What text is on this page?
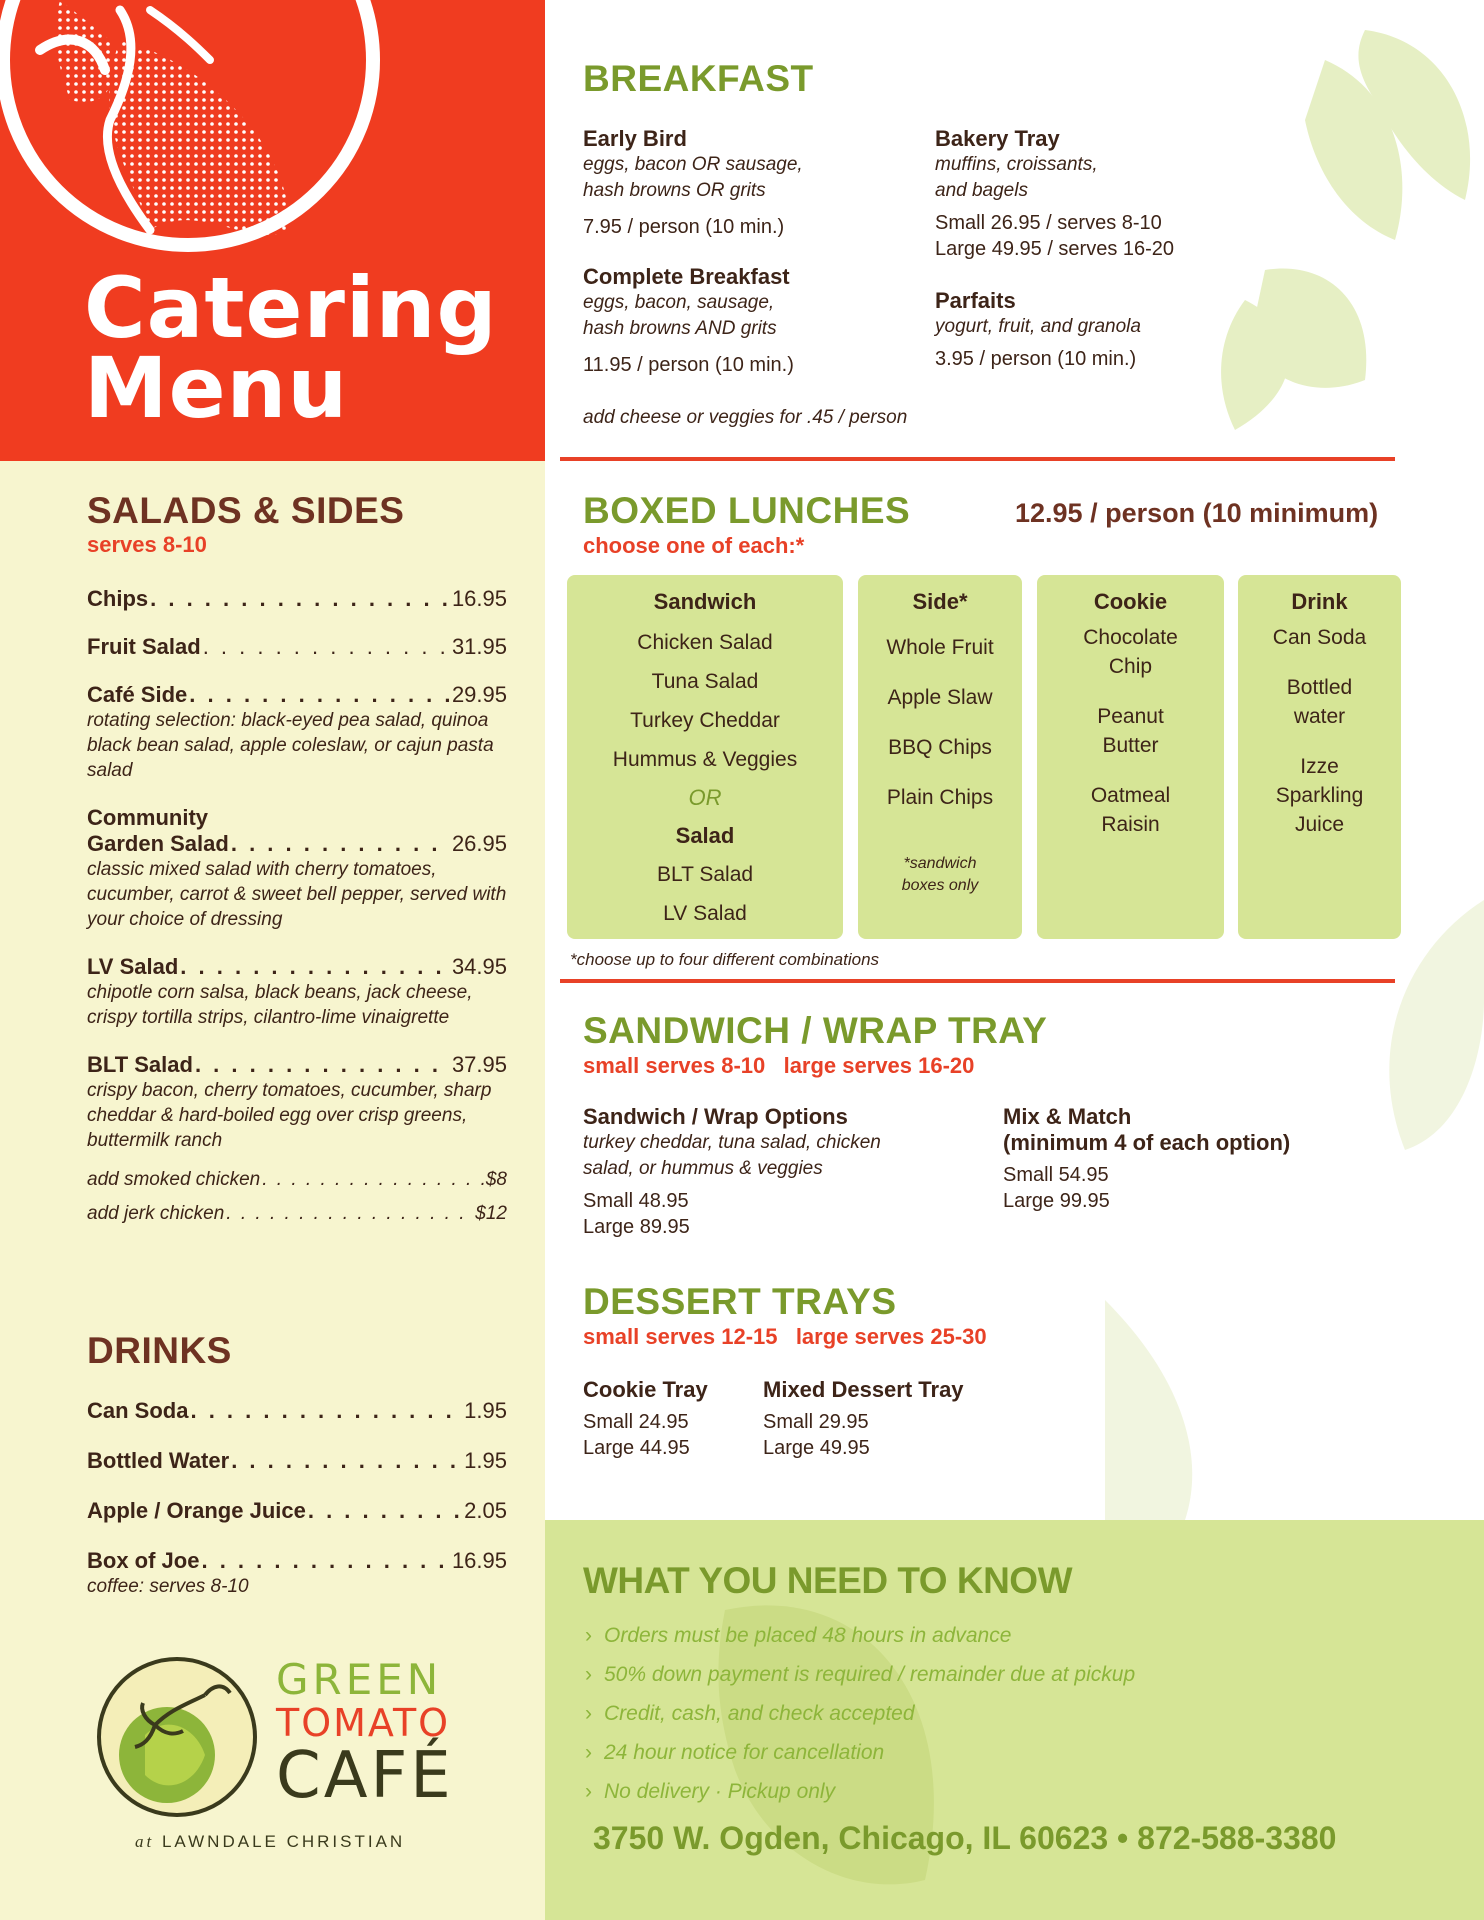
Catering
Menu
SALADS & SIDES
serves 8-10
Chips . . .	16.95
Fruit Salad . . .	31.95
Café Side . . .	29.95
rotating selection: black-eyed pea salad, quinoa black bean salad, apple coleslaw, or cajun pasta salad
Community
Garden Salad . . .	26.95
classic mixed salad with cherry tomatoes, cucumber, carrot & sweet bell pepper, served with your choice of dressing
LV Salad . . .	34.95
chipotle corn salsa, black beans, jack cheese, crispy tortilla strips, cilantro-lime vinaigrette
BLT Salad . . .	37.95
crispy bacon, cherry tomatoes, cucumber, sharp cheddar & hard-boiled egg over crisp greens, buttermilk ranch
add smoked chicken . . .	$8
add jerk chicken . . .	$12
DRINKS
Can Soda . . .	1.95
Bottled Water . . .	1.95
Apple / Orange Juice . . .	2.05
Box of Joe . . .	16.95
coffee: serves 8-10
GREEN
TOMATO
CAFÉ
at LAWNDALE CHRISTIAN
BREAKFAST
Early Bird
eggs, bacon OR sausage,
hash browns OR grits
7.95 / person (10 min.)
Complete Breakfast
eggs, bacon, sausage,
hash browns AND grits
11.95 / person (10 min.)
Bakery Tray
muffins, croissants,
and bagels
Small 26.95 / serves 8-10
Large 49.95 / serves 16-20
Parfaits
yogurt, fruit, and granola
3.95 / person (10 min.)
add cheese or veggies for .45 / person
BOXED LUNCHES
choose one of each:*
12.95 / person (10 minimum)
Sandwich
Chicken Salad
Tuna Salad
Turkey Cheddar
Hummus & Veggies
OR
Salad
BLT Salad
LV Salad
Side*
Whole Fruit
Apple Slaw
BBQ Chips
Plain Chips
*sandwich
boxes only
Cookie
Chocolate
Chip
Peanut
Butter
Oatmeal
Raisin
Drink
Can Soda
Bottled
water
Izze
Sparkling
Juice
*choose up to four different combinations
SANDWICH / WRAP TRAY
small serves 8-10   large serves 16-20
Sandwich / Wrap Options
turkey cheddar, tuna salad, chicken
salad, or hummus & veggies
Small 48.95
Large 89.95
Mix & Match
(minimum 4 of each option)
Small 54.95
Large 99.95
DESSERT TRAYS
small serves 12-15   large serves 25-30
Cookie Tray
Small 24.95
Large 44.95
Mixed Dessert Tray
Small 29.95
Large 49.95
WHAT YOU NEED TO KNOW
› Orders must be placed 48 hours in advance
› 50% down payment is required / remainder due at pickup
› Credit, cash, and check accepted
› 24 hour notice for cancellation
› No delivery · Pickup only
3750 W. Ogden, Chicago, IL 60623 • 872-588-3380
